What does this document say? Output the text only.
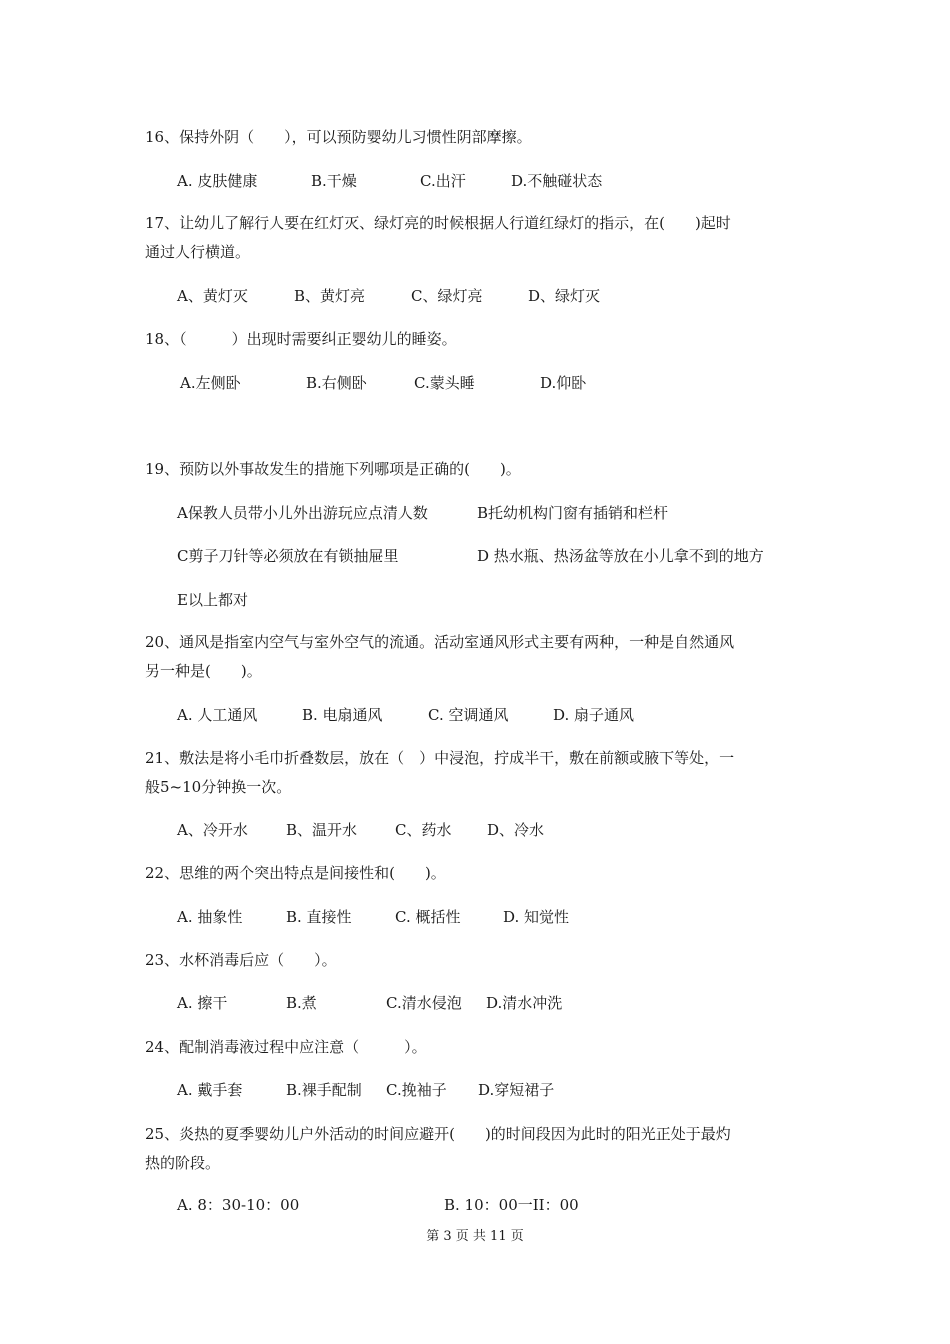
16、保持外阴（　　），可以预防婴幼儿习惯性阴部摩擦。
A. 皮肤健康	B.干燥	C.出汗	D.不触碰状态
17、让幼儿了解行人要在红灯灭、绿灯亮的时候根据人行道红绿灯的指示，在(　　)起时
通过人行横道。
A、黄灯灭	B、黄灯亮	C、绿灯亮	D、绿灯灭
18、（　　　）出现时需要纠正婴幼儿的睡姿。
A.左侧卧	B.右侧卧	C.蒙头睡	D.仰卧
19、预防以外事故发生的措施下列哪项是正确的(　　)。
A保教人员带小儿外出游玩应点清人数	B托幼机构门窗有插销和栏杆
C剪子刀针等必须放在有锁抽屉里	D 热水瓶、热汤盆等放在小儿拿不到的地方
E以上都对
20、通风是指室内空气与室外空气的流通。活动室通风形式主要有两种，一种是自然通风
另一种是(　　)。
A. 人工通风	B. 电扇通风	C. 空调通风	D. 扇子通风
21、敷法是将小毛巾折叠数层，放在（　）中浸泡，拧成半干，敷在前额或腋下等处，一
般5~10分钟换一次。
A、冷开水	B、温开水	C、药水 D、冷水
22、思维的两个突出特点是间接性和(　　)。
A. 抽象性	B. 直接性	C. 概括性	D. 知觉性
23、水杯消毒后应（　　）。
A. 擦干	B.煮	C.清水侵泡 D.清水冲洗
24、配制消毒液过程中应注意（　　　）。
A. 戴手套	B.裸手配制 C.挽袖子 D.穿短裙子
25、炎热的夏季婴幼儿户外活动的时间应避开(　　)的时间段因为此时的阳光正处于最灼
热的阶段。
A. 8：30-10：00	B. 10：00一II：00
第 3 页 共 11 页
